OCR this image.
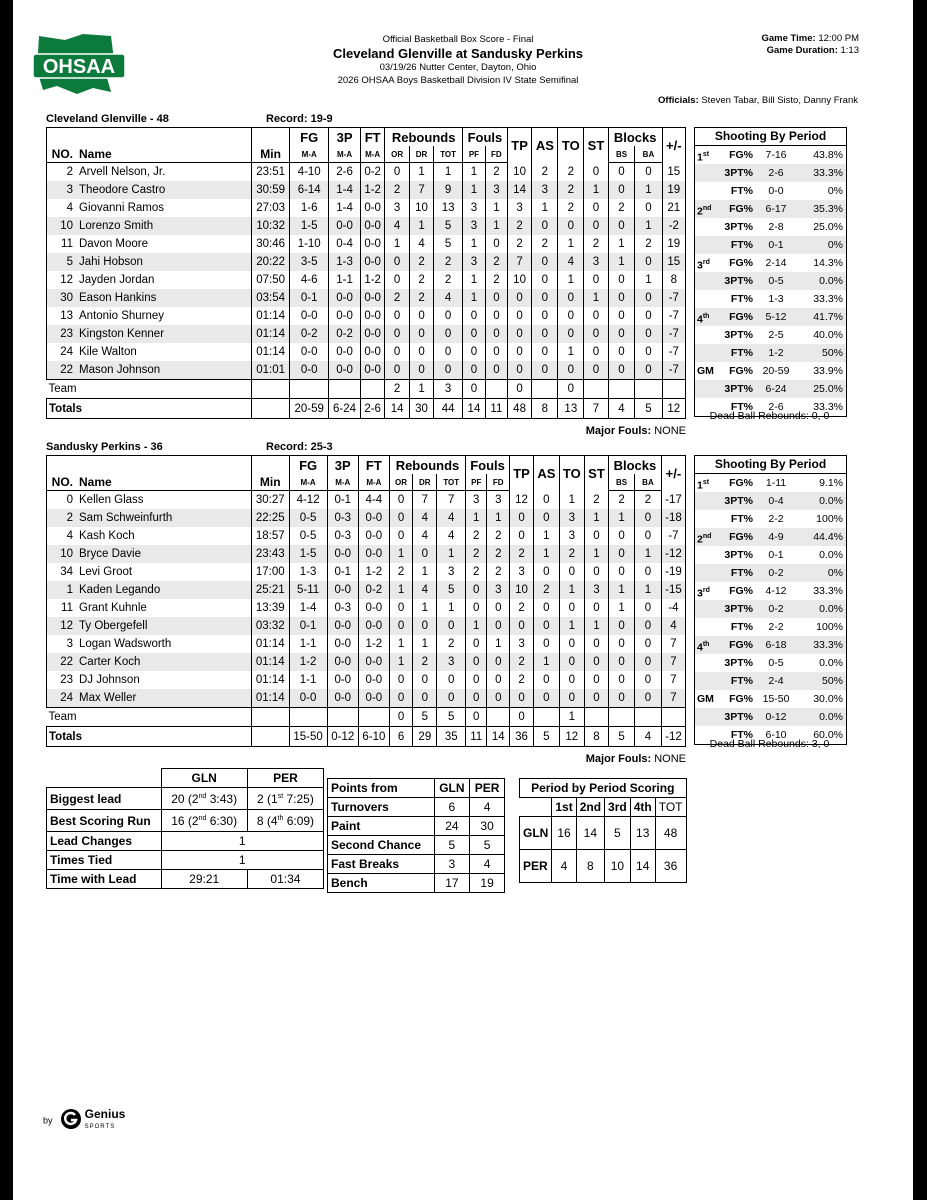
OHSAA
Official Basketball Box Score - Final
Cleveland Glenville at Sandusky Perkins
03/19/26 Nutter Center, Dayton, Ohio
2026 OHSAA Boys Basketball Division IV State Semifinal
Game Time: 12:00 PM
Game Duration: 1:13
Officials: Steven Tabar, Bill Sisto, Danny Frank
Cleveland Glenville - 48	Record: 19-9
			FG	3P	FT	Rebounds			Fouls		TP	AS	TO	ST	Blocks		+/-
NO.	Name	Min	M-A	M-A	M-A	OR	DR	TOT	PF	FD					BS	BA	
2	Arvell Nelson, Jr.	23:51	4-10	2-6	0-2	0	1	1	1	2	10	2	2	0	0	0	15
3	Theodore Castro	30:59	6-14	1-4	1-2	2	7	9	1	3	14	3	2	1	0	1	19
4	Giovanni Ramos	27:03	1-6	1-4	0-0	3	10	13	3	1	3	1	2	0	2	0	21
10	Lorenzo Smith	10:32	1-5	0-0	0-0	4	1	5	3	1	2	0	0	0	0	1	-2
11	Davon Moore	30:46	1-10	0-4	0-0	1	4	5	1	0	2	2	1	2	1	2	19
5	Jahi Hobson	20:22	3-5	1-3	0-0	0	2	2	3	2	7	0	4	3	1	0	15
12	Jayden Jordan	07:50	4-6	1-1	1-2	0	2	2	1	2	10	0	1	0	0	1	8
30	Eason Hankins	03:54	0-1	0-0	0-0	2	2	4	1	0	0	0	0	1	0	0	-7
13	Antonio Shurney	01:14	0-0	0-0	0-0	0	0	0	0	0	0	0	0	0	0	0	-7
23	Kingston Kenner	01:14	0-2	0-2	0-0	0	0	0	0	0	0	0	0	0	0	0	-7
24	Kile Walton	01:14	0-0	0-0	0-0	0	0	0	0	0	0	0	1	0	0	0	-7
22	Mason Johnson	01:01	0-0	0-0	0-0	0	0	0	0	0	0	0	0	0	0	0	-7
Team						2	1	3	0		0		0				
Totals			20-59	6-24	2-6	14	30	44	14	11	48	8	13	7	4	5	12
Major Fouls: NONE
Shooting By Period
1st	FG%	7-16	43.8%
3PT%	2-6	33.3%
FT%	0-0	0%
2nd	FG%	6-17	35.3%
3PT%	2-8	25.0%
FT%	0-1	0%
3rd	FG%	2-14	14.3%
3PT%	0-5	0.0%
FT%	1-3	33.3%
4th	FG%	5-12	41.7%
3PT%	2-5	40.0%
FT%	1-2	50%
GM	FG% 20-59	33.9%
3PT%	6-24	25.0%
FT%	2-6	33.3%
Dead Ball Rebounds: 0, 0
Sandusky Perkins - 36	Record: 25-3
			FG	3P	FT	Rebounds			Fouls		TP	AS	TO	ST	Blocks		+/-
NO.	Name	Min	M-A	M-A	M-A	OR	DR	TOT	PF	FD					BS	BA	
0	Kellen Glass	30:27	4-12	0-1	4-4	0	7	7	3	3	12	0	1	2	2	2	-17
2	Sam Schweinfurth	22:25	0-5	0-3	0-0	0	4	4	1	1	0	0	3	1	1	0	-18
4	Kash Koch	18:57	0-5	0-3	0-0	0	4	4	2	2	0	1	3	0	0	0	-7
10	Bryce Davie	23:43	1-5	0-0	0-0	1	0	1	2	2	2	1	2	1	0	1	-12
34	Levi Groot	17:00	1-3	0-1	1-2	2	1	3	2	2	3	0	0	0	0	0	-19
1	Kaden Legando	25:21	5-11	0-0	0-2	1	4	5	0	3	10	2	1	3	1	1	-15
11	Grant Kuhnle	13:39	1-4	0-3	0-0	0	1	1	0	0	2	0	0	0	1	0	-4
12	Ty Obergefell	03:32	0-1	0-0	0-0	0	0	0	1	0	0	0	1	1	0	0	4
3	Logan Wadsworth	01:14	1-1	0-0	1-2	1	1	2	0	1	3	0	0	0	0	0	7
22	Carter Koch	01:14	1-2	0-0	0-0	1	2	3	0	0	2	1	0	0	0	0	7
23	DJ Johnson	01:14	1-1	0-0	0-0	0	0	0	0	0	2	0	0	0	0	0	7
24	Max Weller	01:14	0-0	0-0	0-0	0	0	0	0	0	0	0	0	0	0	0	7
Team						0	5	5	0		0		1				
Totals			15-50	0-12	6-10	6	29	35	11	14	36	5	12	8	5	4	-12
Major Fouls: NONE
Shooting By Period
1st	FG%	1-11	9.1%
3PT%	0-4	0.0%
FT%	2-2	100%
2nd	FG%	4-9	44.4%
3PT%	0-1	0.0%
FT%	0-2	0%
3rd	FG%	4-12	33.3%
3PT%	0-2	0.0%
FT%	2-2	100%
4th	FG%	6-18	33.3%
3PT%	0-5	0.0%
FT%	2-4	50%
GM	FG% 15-50	30.0%
3PT%	0-12	0.0%
FT%	6-10	60.0%
Dead Ball Rebounds: 3, 0
	GLN	PER
Biggest lead	20 (2nd 3:43)	2 (1st 7:25)
Best Scoring Run	16 (2nd 6:30)	8 (4th 6:09)
Lead Changes	1	
Times Tied	1	
Time with Lead	29:21	01:34
Points from	GLN	PER
Turnovers	6	4
Paint	24	30
Second Chance	5	5
Fast Breaks	3	4
Bench	17	19
Period by Period Scoring					
	1st	2nd	3rd	4th	TOT
GLN	16	14	5	13	48
PER	4	8	10	14	36
by	Genius
SPORTS
